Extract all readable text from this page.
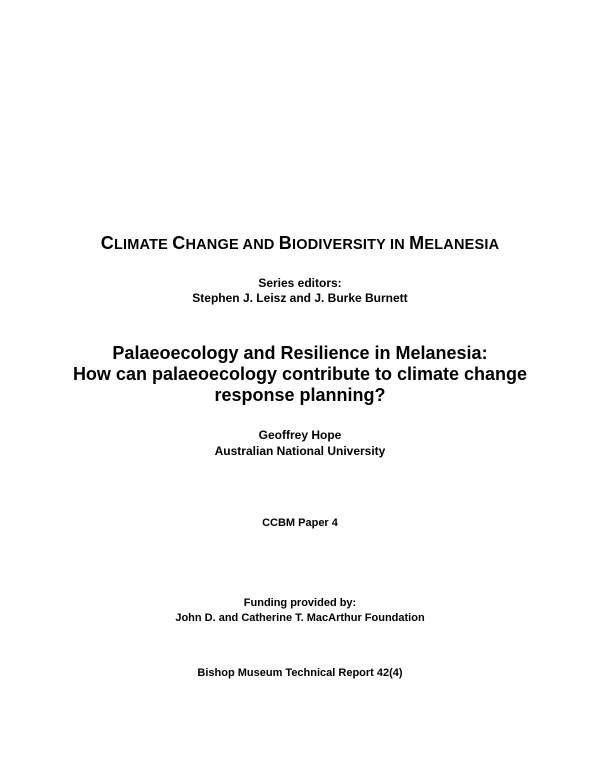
CLIMATE CHANGE AND BIODIVERSITY IN MELANESIA
Series editors:
Stephen J. Leisz and J. Burke Burnett
Palaeoecology and Resilience in Melanesia:
How can palaeoecology contribute to climate change
response planning?
Geoffrey Hope
Australian National University
CCBM Paper 4
Funding provided by:
John D. and Catherine T. MacArthur Foundation
Bishop Museum Technical Report 42(4)
